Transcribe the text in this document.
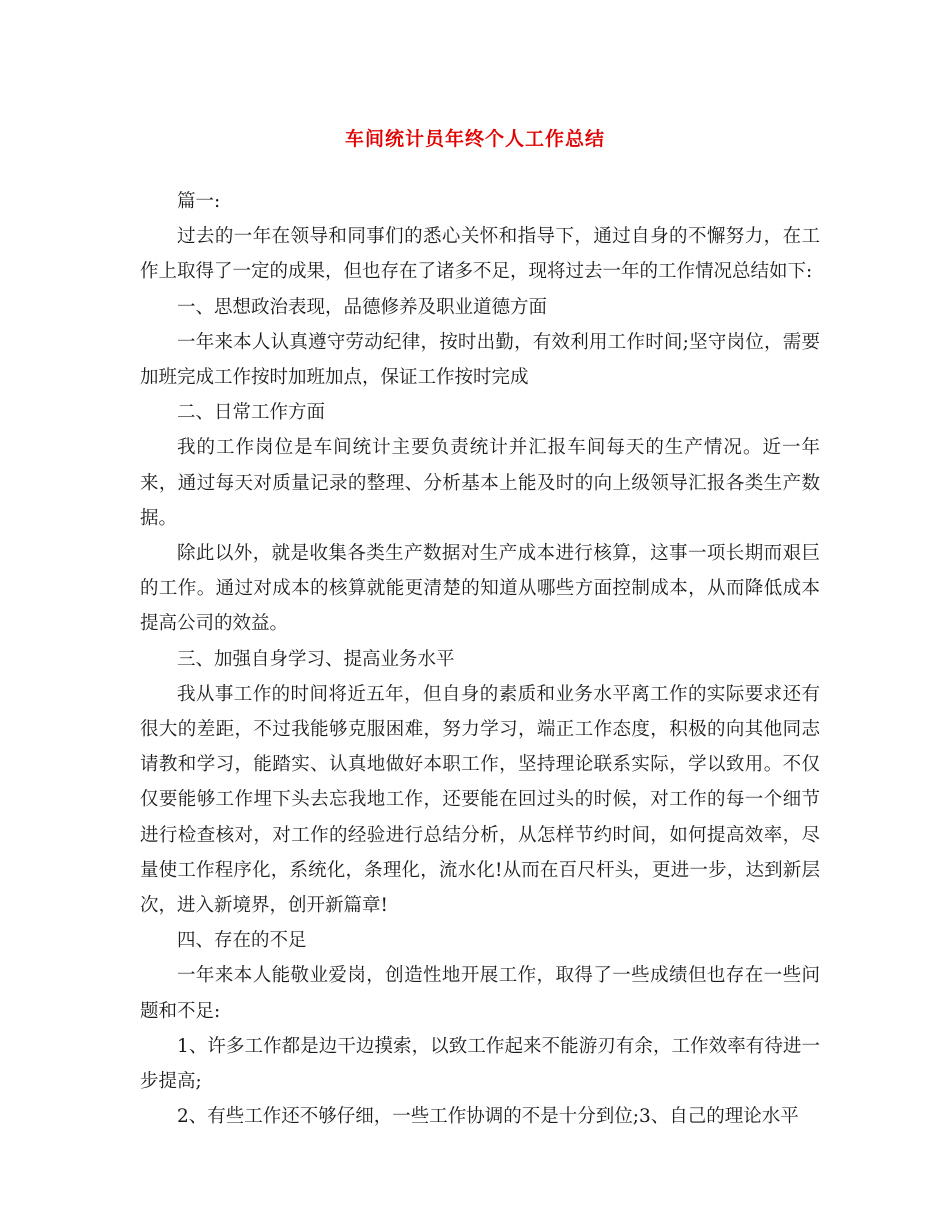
车间统计员年终个人工作总结

篇一:

过去的一年在领导和同事们的悉心关怀和指导下，通过自身的不懈努力，在工作上取得了一定的成果，但也存在了诸多不足，现将过去一年的工作情况总结如下:

一、思想政治表现，品德修养及职业道德方面

一年来本人认真遵守劳动纪律，按时出勤，有效利用工作时间;坚守岗位，需要加班完成工作按时加班加点，保证工作按时完成

二、日常工作方面

我的工作岗位是车间统计主要负责统计并汇报车间每天的生产情况。近一年来，通过每天对质量记录的整理、分析基本上能及时的向上级领导汇报各类生产数据。

除此以外，就是收集各类生产数据对生产成本进行核算，这事一项长期而艰巨的工作。通过对成本的核算就能更清楚的知道从哪些方面控制成本，从而降低成本提高公司的效益。

三、加强自身学习、提高业务水平

我从事工作的时间将近五年，但自身的素质和业务水平离工作的实际要求还有很大的差距，不过我能够克服困难，努力学习，端正工作态度，积极的向其他同志请教和学习，能踏实、认真地做好本职工作，坚持理论联系实际，学以致用。不仅仅要能够工作埋下头去忘我地工作，还要能在回过头的时候，对工作的每一个细节进行检查核对，对工作的经验进行总结分析，从怎样节约时间，如何提高效率，尽量使工作程序化，系统化，条理化，流水化!从而在百尺杆头，更进一步，达到新层次，进入新境界，创开新篇章!

四、存在的不足

一年来本人能敬业爱岗，创造性地开展工作，取得了一些成绩但也存在一些问题和不足:

1、许多工作都是边干边摸索，以致工作起来不能游刃有余，工作效率有待进一步提高;

2、有些工作还不够仔细，一些工作协调的不是十分到位;3、自己的理论水平
